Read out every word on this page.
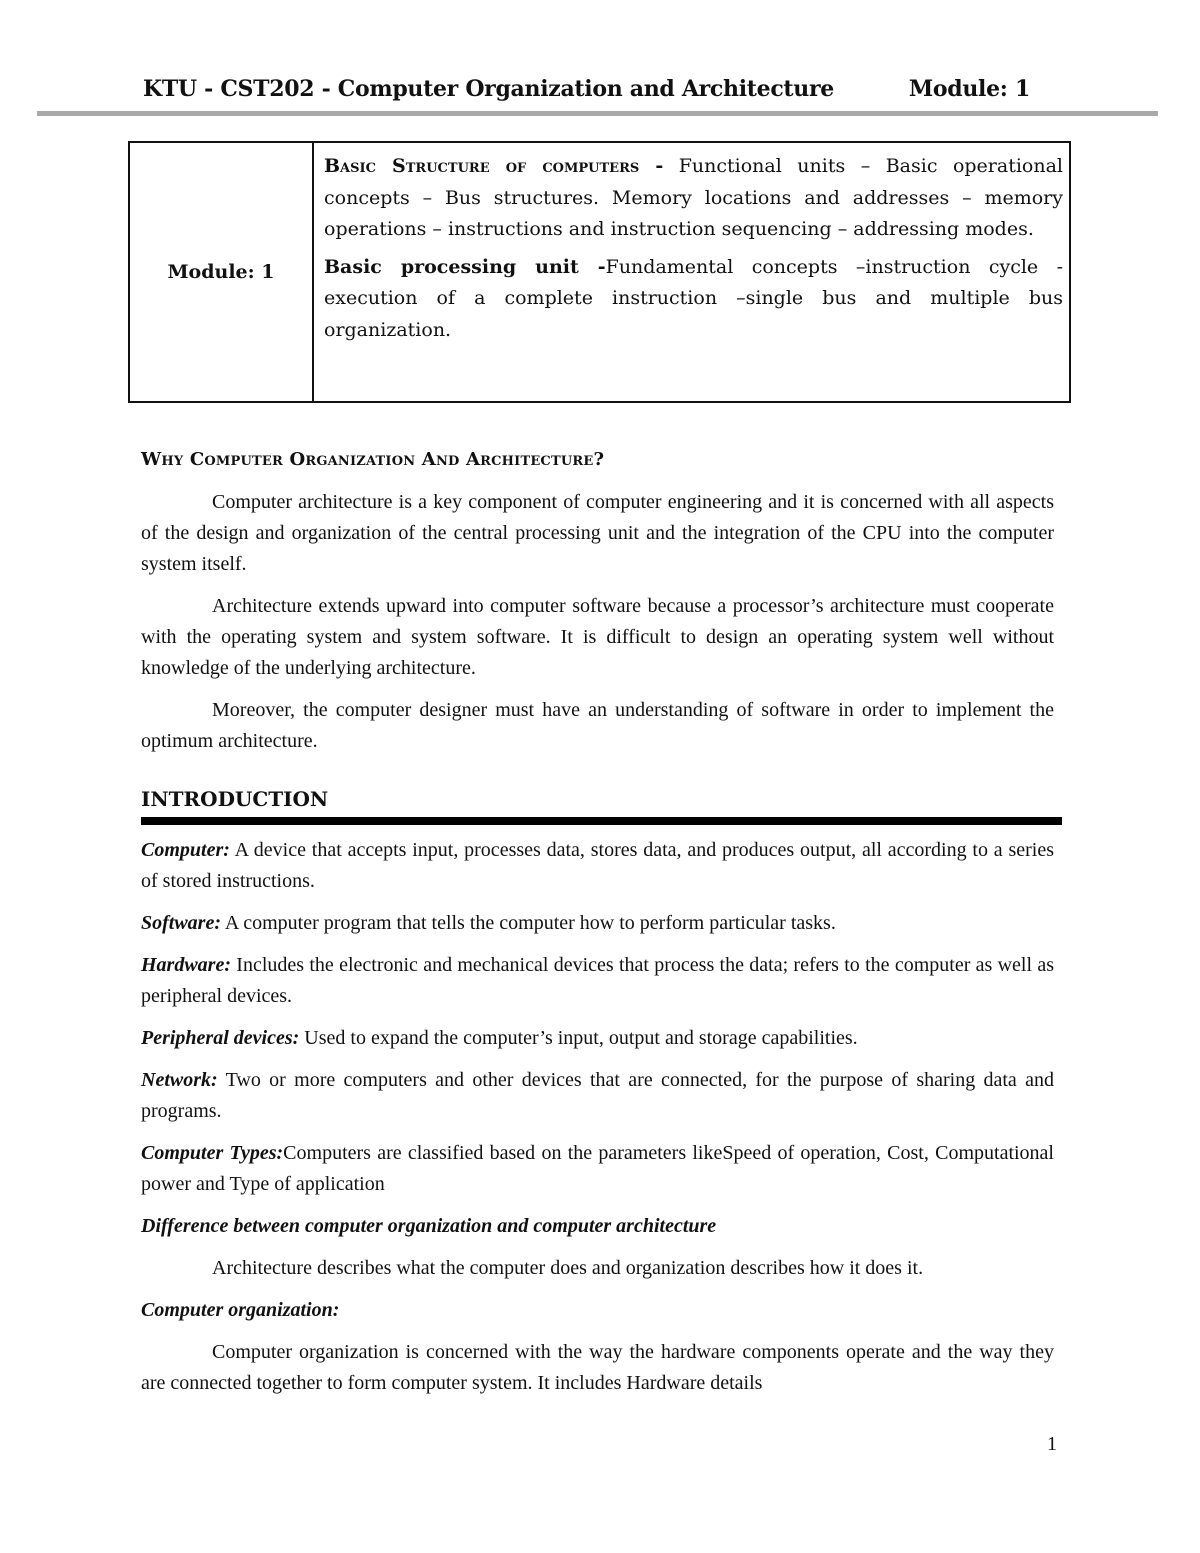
KTU - CST202 - Computer Organization and Architecture	Module: 1
Module: 1

Basic Structure of computers - Functional units – Basic operational concepts – Bus structures. Memory locations and addresses – memory operations – instructions and instruction sequencing – addressing modes.

Basic processing unit -Fundamental concepts –instruction cycle - execution of a complete instruction –single bus and multiple bus organization.

Why Computer Organization And Architecture?

Computer architecture is a key component of computer engineering and it is concerned with all aspects of the design and organization of the central processing unit and the integration of the CPU into the computer system itself.

Architecture extends upward into computer software because a processor’s architecture must cooperate with the operating system and system software. It is difficult to design an operating system well without knowledge of the underlying architecture.

Moreover, the computer designer must have an understanding of software in order to implement the optimum architecture.

INTRODUCTION

Computer: A device that accepts input, processes data, stores data, and produces output, all according to a series of stored instructions.

Software: A computer program that tells the computer how to perform particular tasks.

Hardware: Includes the electronic and mechanical devices that process the data; refers to the computer as well as peripheral devices.

Peripheral devices: Used to expand the computer’s input, output and storage capabilities.

Network: Two or more computers and other devices that are connected, for the purpose of sharing data and programs.

Computer Types:Computers are classified based on the parameters likeSpeed of operation, Cost, Computational power and Type of application

Difference between computer organization and computer architecture

Architecture describes what the computer does and organization describes how it does it.

Computer organization:

Computer organization is concerned with the way the hardware components operate and the way they are connected together to form computer system. It includes Hardware details

1
